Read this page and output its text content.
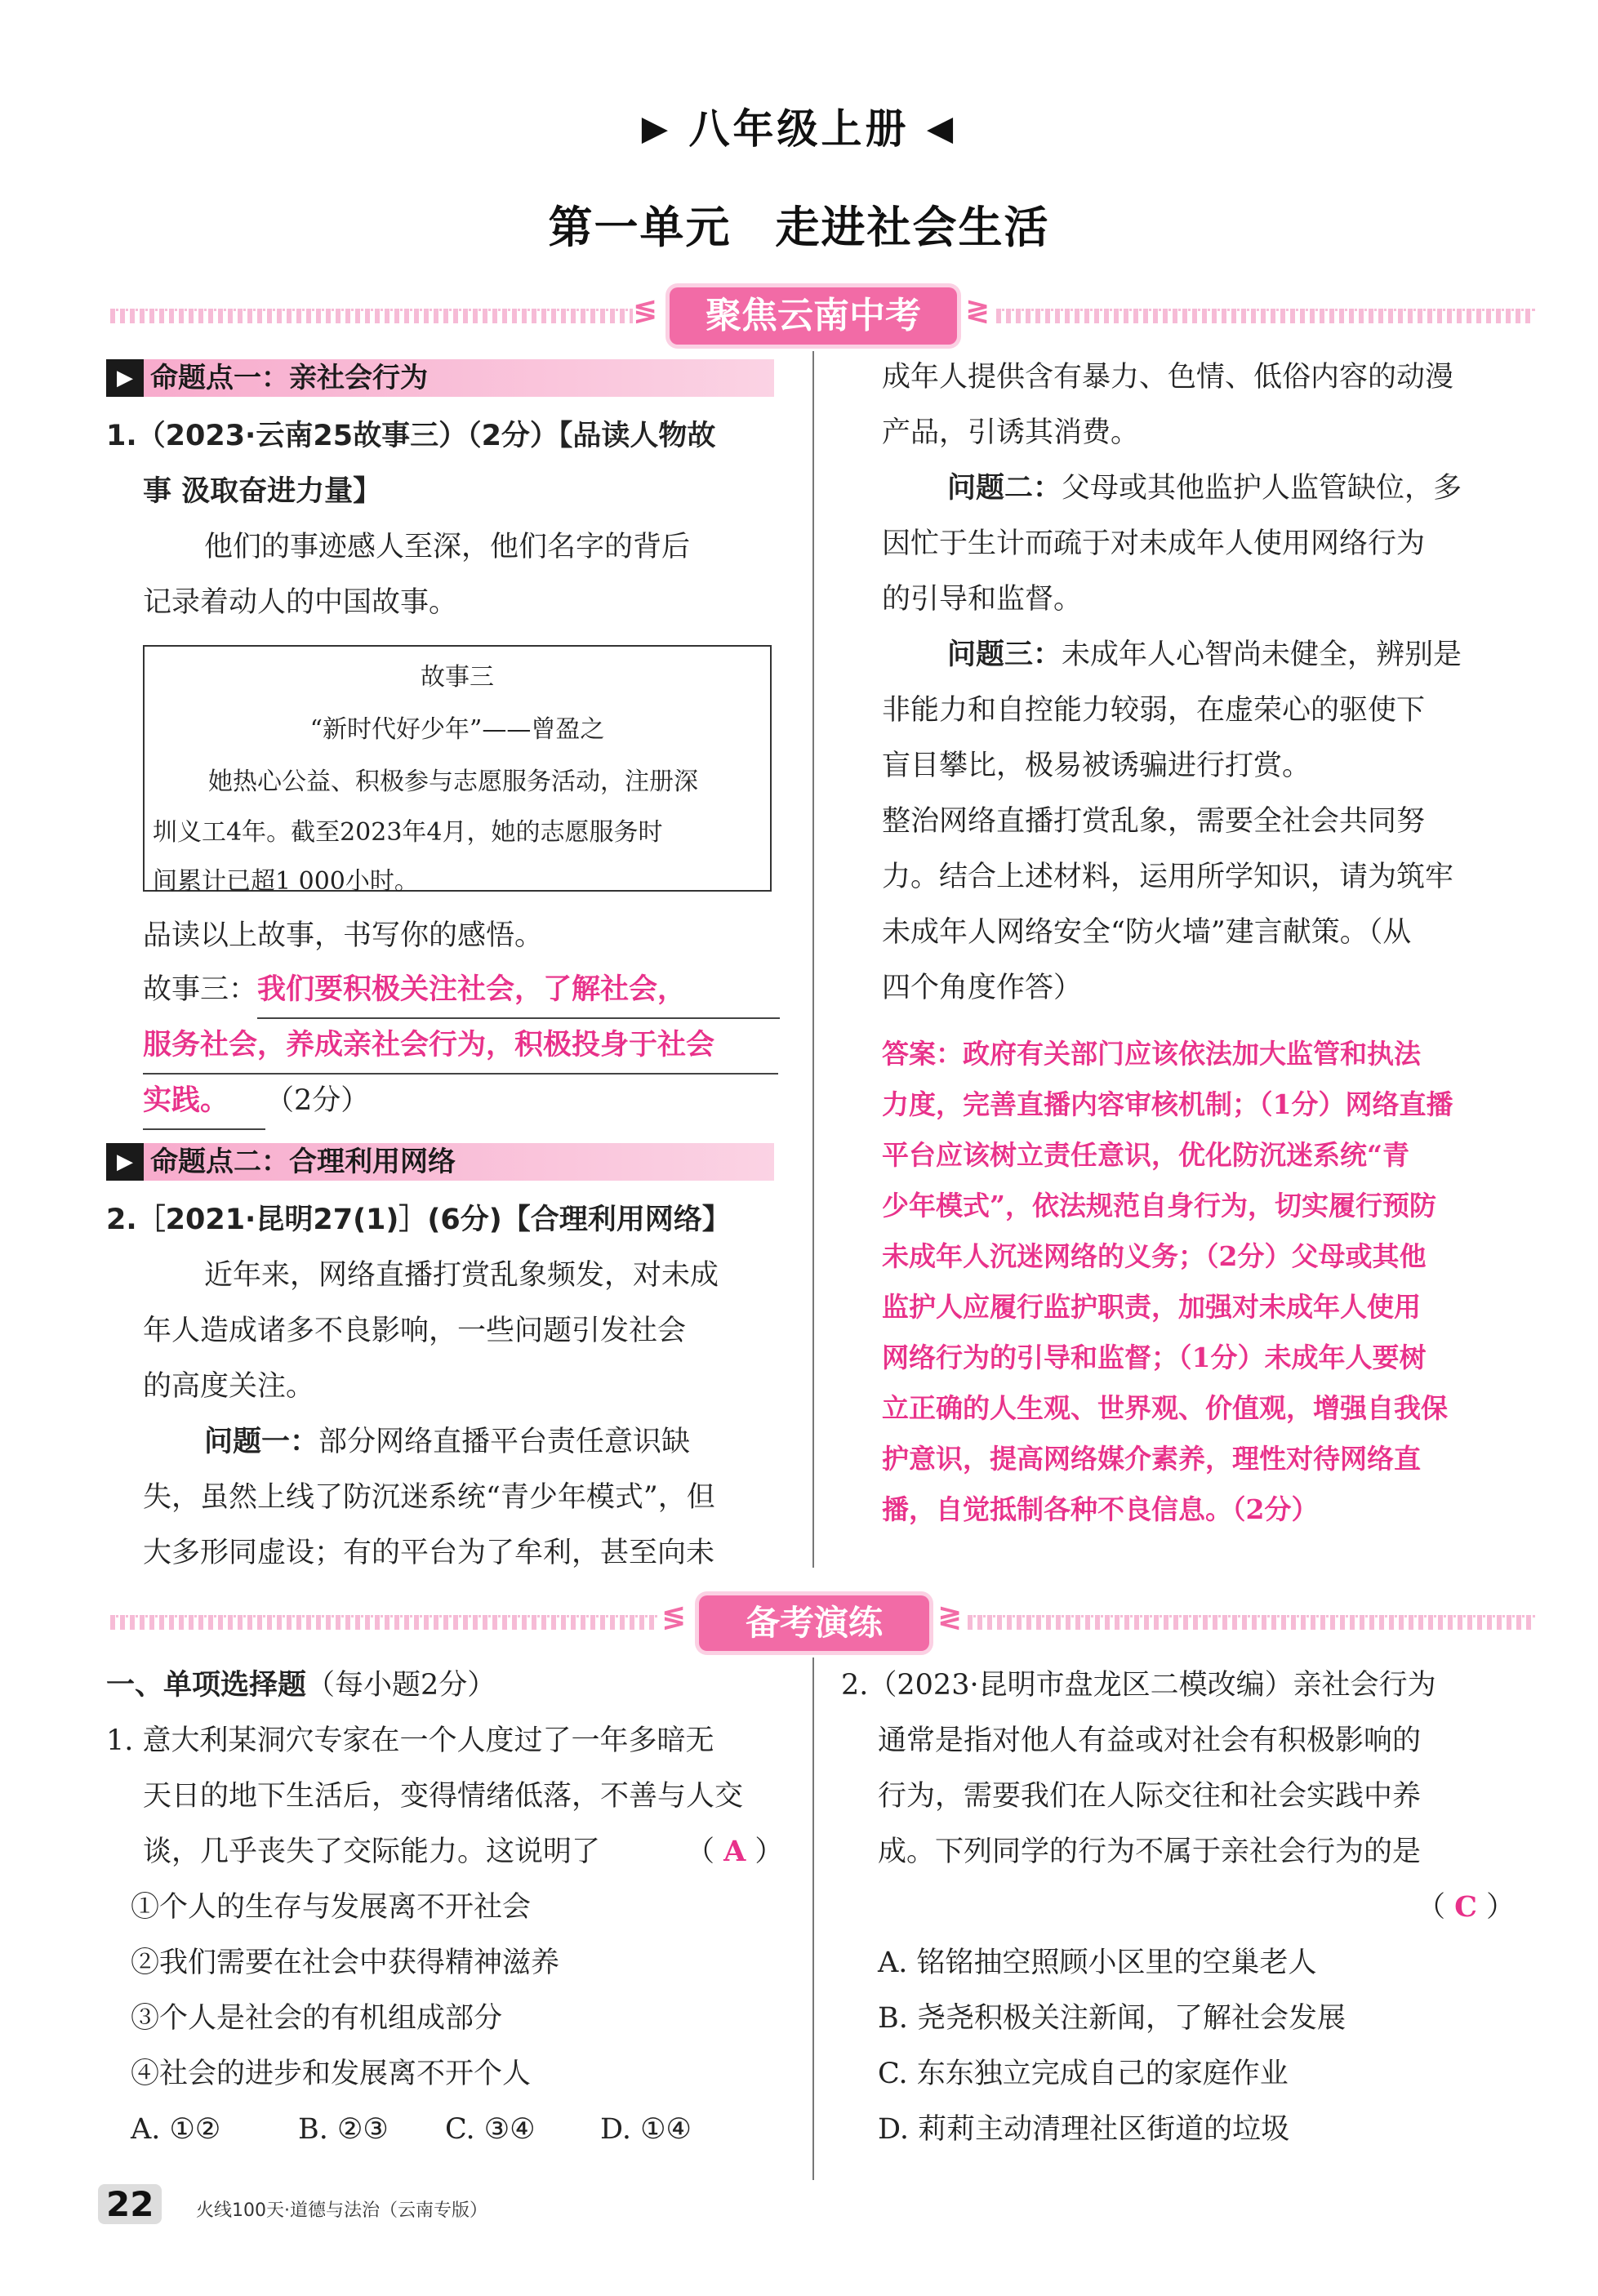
▶ 八年级上册 ◀
第一单元 走进社会生活
≶	≷
聚焦云南中考
▶ 命题点一：亲社会行为
1.（2023·云南25故事三）（2分）【品读人物故
事 汲取奋进力量】
他们的事迹感人至深，他们名字的背后
记录着动人的中国故事。
故事三
“新时代好少年”——曾盈之
她热心公益、积极参与志愿服务活动，注册深
圳义工4年。截至2023年4月，她的志愿服务时
间累计已超1 000小时。
品读以上故事，书写你的感悟。
故事三：我们要积极关注社会，了解社会，
服务社会，养成亲社会行为，积极投身于社会
实践。 （2分）
▶ 命题点二：合理利用网络
2.［2021·昆明27(1)］(6分)【合理利用网络】
近年来，网络直播打赏乱象频发，对未成
年人造成诸多不良影响，一些问题引发社会
的高度关注。
问题一：部分网络直播平台责任意识缺
失，虽然上线了防沉迷系统“青少年模式”，但
大多形同虚设；有的平台为了牟利，甚至向未
成年人提供含有暴力、色情、低俗内容的动漫
产品，引诱其消费。
问题二：父母或其他监护人监管缺位，多
因忙于生计而疏于对未成年人使用网络行为
的引导和监督。
问题三：未成年人心智尚未健全，辨别是
非能力和自控能力较弱，在虚荣心的驱使下
盲目攀比，极易被诱骗进行打赏。
整治网络直播打赏乱象，需要全社会共同努
力。结合上述材料，运用所学知识，请为筑牢
未成年人网络安全“防火墙”建言献策。（从
四个角度作答）
答案：政府有关部门应该依法加大监管和执法
力度，完善直播内容审核机制；（1分）网络直播
平台应该树立责任意识，优化防沉迷系统“青
少年模式”，依法规范自身行为，切实履行预防
未成年人沉迷网络的义务；（2分）父母或其他
监护人应履行监护职责，加强对未成年人使用
网络行为的引导和监督；（1分）未成年人要树
立正确的人生观、世界观、价值观，增强自我保
护意识，提高网络媒介素养，理性对待网络直
播，自觉抵制各种不良信息。（2分）
≶	≷
备考演练
一、单项选择题（每小题2分）
1. 意大利某洞穴专家在一个人度过了一年多暗无
天日的地下生活后，变得情绪低落，不善与人交
谈，几乎丧失了交际能力。这说明了	（ A ）
①个人的生存与发展离不开社会
②我们需要在社会中获得精神滋养
③个人是社会的有机组成部分
④社会的进步和发展离不开个人
A. ①②	B. ②③ C. ③④ D. ①④
2.（2023·昆明市盘龙区二模改编）亲社会行为
通常是指对他人有益或对社会有积极影响的
行为，需要我们在人际交往和社会实践中养
成。下列同学的行为不属于亲社会行为的是
（ C ）
A. 铭铭抽空照顾小区里的空巢老人
B. 尧尧积极关注新闻，了解社会发展
C. 东东独立完成自己的家庭作业
D. 莉莉主动清理社区街道的垃圾
22	火线100天·道德与法治（云南专版）
